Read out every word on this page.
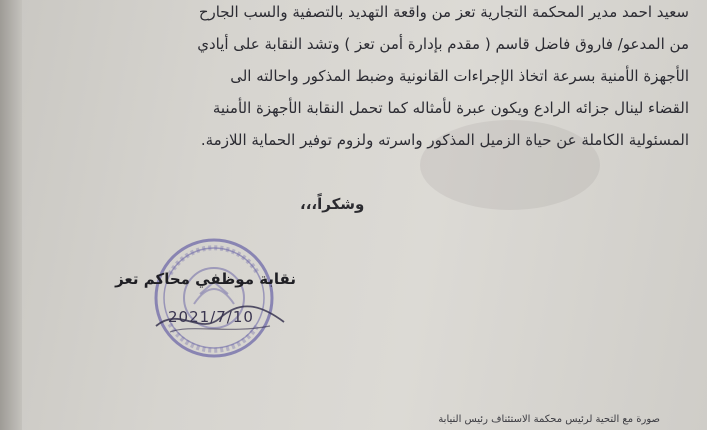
سعيد احمد مدير المحكمة التجارية تعز من واقعة التهديد بالتصفية والسب الجارح
من المدعو/ فاروق فاضل قاسم ( مقدم بإدارة أمن تعز ) وتشد النقابة على أيادي
الأجهزة الأمنية بسرعة اتخاذ الإجراءات القانونية وضبط المذكور واحالته الى
القضاء لينال جزائه الرادع ويكون عبرة لأمثاله كما تحمل النقابة الأجهزة الأمنية
المسئولية الكاملة عن حياة الزميل المذكور واسرته ولزوم توفير الحماية اللازمة.
وشكراً،،،
نقابة موظفي محاكم تعز
2021/7/10
صورة مع التحية لرئيس محكمة الاستئناف رئيس النيابة
